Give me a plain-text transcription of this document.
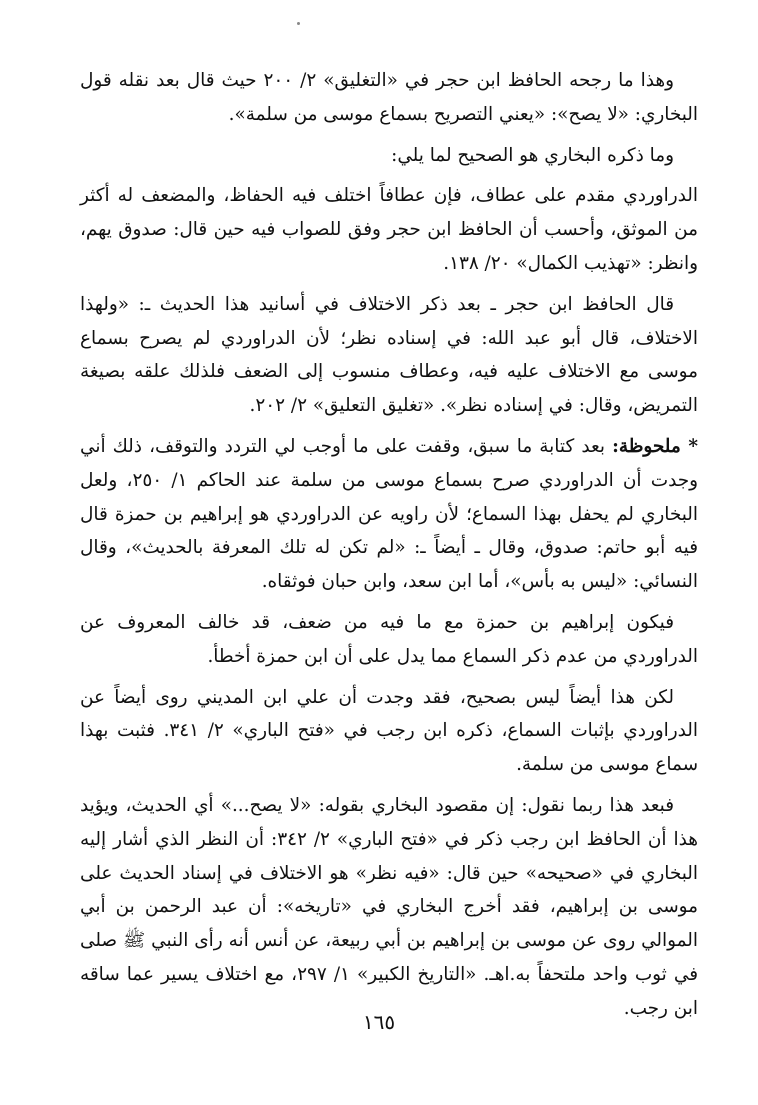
وهذا ما رجحه الحافظ ابن حجر في «التغليق» ٢/ ٢٠٠ حيث قال بعد نقله قول البخاري: «لا يصح»: «يعني التصريح بسماع موسى من سلمة».

وما ذكره البخاري هو الصحيح لما يلي:

الدراوردي مقدم على عطاف، فإن عطافاً اختلف فيه الحفاظ، والمضعف له أكثر من الموثق، وأحسب أن الحافظ ابن حجر وفق للصواب فيه حين قال: صدوق يهم، وانظر: «تهذيب الكمال» ٢٠/ ١٣٨.

قال الحافظ ابن حجر ـ بعد ذكر الاختلاف في أسانيد هذا الحديث ـ: «ولهذا الاختلاف، قال أبو عبد الله: في إسناده نظر؛ لأن الدراوردي لم يصرح بسماع موسى مع الاختلاف عليه فيه، وعطاف منسوب إلى الضعف فلذلك علقه بصيغة التمريض، وقال: في إسناده نظر». «تغليق التعليق» ٢/ ٢٠٢.

* ملحوظة: بعد كتابة ما سبق، وقفت على ما أوجب لي التردد والتوقف، ذلك أني وجدت أن الدراوردي صرح بسماع موسى من سلمة عند الحاكم ١/ ٢٥٠، ولعل البخاري لم يحفل بهذا السماع؛ لأن راويه عن الدراوردي هو إبراهيم بن حمزة قال فيه أبو حاتم: صدوق، وقال ـ أيضاً ـ: «لم تكن له تلك المعرفة بالحديث»، وقال النسائي: «ليس به بأس»، أما ابن سعد، وابن حبان فوثقاه.

فيكون إبراهيم بن حمزة مع ما فيه من ضعف، قد خالف المعروف عن الدراوردي من عدم ذكر السماع مما يدل على أن ابن حمزة أخطأ.

لكن هذا أيضاً ليس بصحيح، فقد وجدت أن علي ابن المديني روى أيضاً عن الدراوردي بإثبات السماع، ذكره ابن رجب في «فتح الباري» ٢/ ٣٤١. فثبت بهذا سماع موسى من سلمة.

فبعد هذا ربما نقول: إن مقصود البخاري بقوله: «لا يصح...» أي الحديث، ويؤيد هذا أن الحافظ ابن رجب ذكر في «فتح الباري» ٢/ ٣٤٢: أن النظر الذي أشار إليه البخاري في «صحيحه» حين قال: «فيه نظر» هو الاختلاف في إسناد الحديث على موسى بن إبراهيم، فقد أخرج البخاري في «تاريخه»: أن عبد الرحمن بن أبي الموالي روى عن موسى بن إبراهيم بن أبي ربيعة، عن أنس أنه رأى النبي ﷺ صلى في ثوب واحد ملتحفاً به.اهـ. «التاريخ الكبير» ١/ ٢٩٧، مع اختلاف يسير عما ساقه ابن رجب.

١٦٥
